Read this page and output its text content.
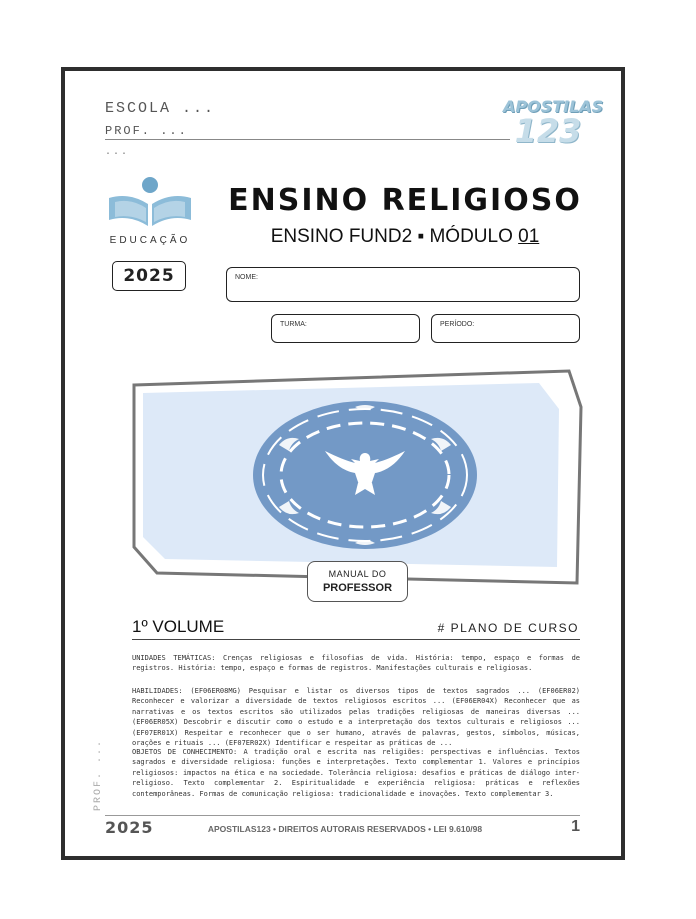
ESCOLA ...
PROF. ...
...
APOSTILAS
123
EDUCAÇÃO
2025
ENSINO RELIGIOSO
ENSINO FUND2 ▪ MÓDULO 01
NOME:
TURMA:	PERÍODO:
MANUAL DO
PROFESSOR
1º VOLUME	# PLANO DE CURSO
UNIDADES TEMÁTICAS: Crenças religiosas e filosofias de vida. História: tempo, espaço e formas de registros. História: tempo, espaço e formas de registros. Manifestações culturais e religiosas.
HABILIDADES: (EF06ER08MG) Pesquisar e listar os diversos tipos de textos sagrados ... (EF06ER02) Reconhecer e valorizar a diversidade de textos religiosos escritos ... (EF06ER04X) Reconhecer que as narrativas e os textos escritos são utilizados pelas tradições religiosas de maneiras diversas ... (EF06ER05X) Descobrir e discutir como o estudo e a interpretação dos textos culturais e religiosos ... (EF07ER01X) Respeitar e reconhecer que o ser humano, através de palavras, gestos, símbolos, músicas, orações e rituais ... (EF07ER02X) Identificar e respeitar as práticas de ...
OBJETOS DE CONHECIMENTO: A tradição oral e escrita nas religiões: perspectivas e influências. Textos sagrados e diversidade religiosa: funções e interpretações. Texto complementar 1. Valores e princípios religiosos: impactos na ética e na sociedade. Tolerância religiosa: desafios e práticas de diálogo inter-religioso. Texto complementar 2. Espiritualidade e experiência religiosa: práticas e reflexões contemporâneas. Formas de comunicação religiosa: tradicionalidade e inovações. Texto complementar 3.
PROF. ...
2025	APOSTILAS123 • DIREITOS AUTORAIS RESERVADOS • LEI 9.610/98	1
